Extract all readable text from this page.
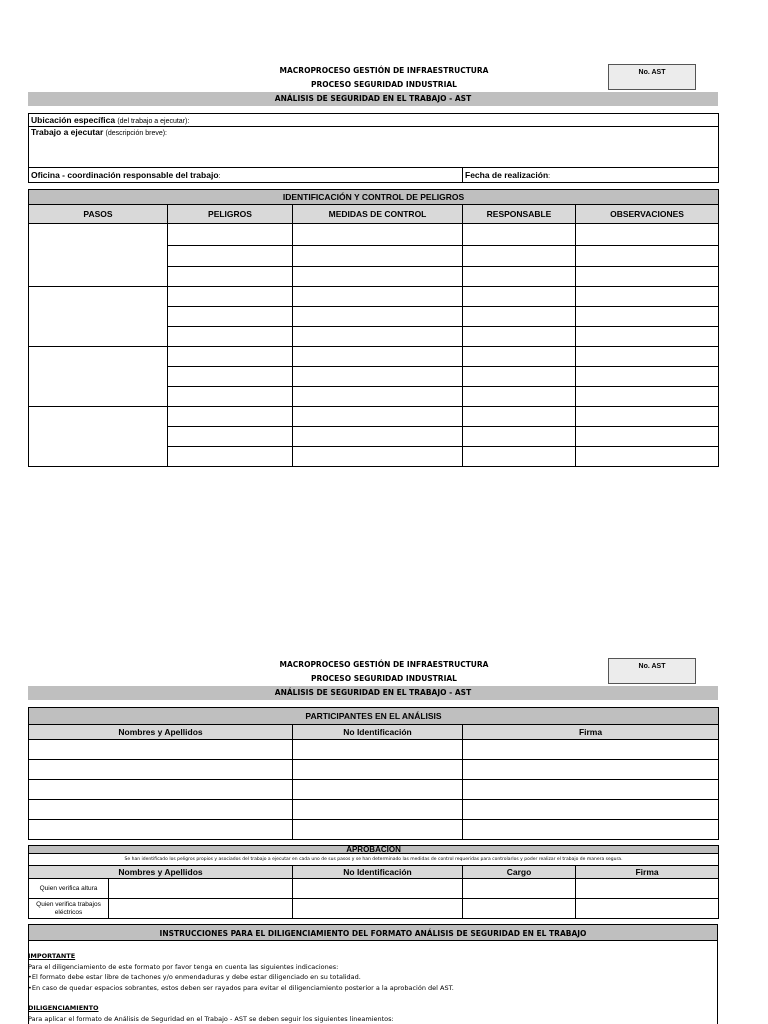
MACROPROCESO GESTIÓN DE INFRAESTRUCTURA
PROCESO SEGURIDAD INDUSTRIAL
No. AST
ANÁLISIS DE SEGURIDAD EN EL TRABAJO - AST
Ubicación específica (del trabajo a ejecutar):
Trabajo a ejecutar (descripción breve):
Oficina - coordinación responsable del trabajo:	Fecha de realización:
IDENTIFICACIÓN Y CONTROL DE PELIGROS				
PASOS	PELIGROS	MEDIDAS DE CONTROL	RESPONSABLE	OBSERVACIONES

MACROPROCESO GESTIÓN DE INFRAESTRUCTURA
PROCESO SEGURIDAD INDUSTRIAL
No. AST
ANÁLISIS DE SEGURIDAD EN EL TRABAJO - AST
PARTICIPANTES EN EL ANÁLISIS		
Nombres y Apellidos	No Identificación	Firma

APROBACION				
Se han identificado los peligros propios y asociados del trabajo a ejecutar en cada uno de sus pasos y se han determinado las medidas de control requeridas para controlarlos y poder realizar el trabajo de manera segura.				
Nombres y Apellidos		No Identificación	Cargo	Firma
Quien verifica altura				
Quien verifica trabajos eléctricos				
INSTRUCCIONES PARA EL DILIGENCIAMIENTO DEL FORMATO ANÁLISIS DE SEGURIDAD EN EL TRABAJO
IMPORTANTE
Para el diligenciamiento de este formato por favor tenga en cuenta las siguientes indicaciones:
•El formato debe estar libre de tachones y/o enmendaduras y debe estar diligenciado en su totalidad.
•En caso de quedar espacios sobrantes, estos deben ser rayados para evitar el diligenciamiento posterior a la aprobación del AST.
DILIGENCIAMIENTO
Para aplicar el formato de Análisis de Seguridad en el Trabajo - AST se deben seguir los siguientes lineamientos:
